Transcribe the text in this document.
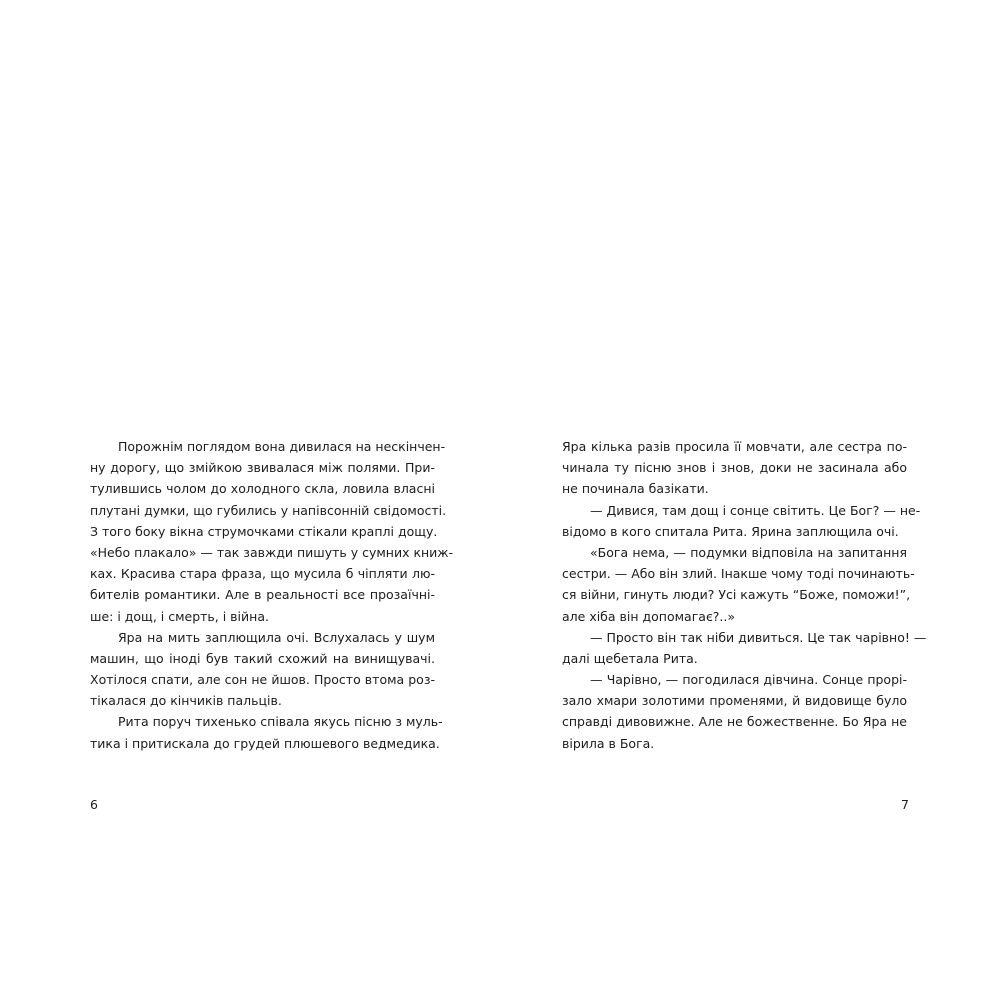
Порожнім поглядом вона дивилася на нескінчен-
ну дорогу, що змійкою звивалася між полями. При-
тулившись чолом до холодного скла, ловила власні
плутані думки, що губились у напівсонній свідомості.
З того боку вікна струмочками стікали краплі дощу.
«Небо плакало» — так завжди пишуть у сумних книж-
ках. Красива стара фраза, що мусила б чіпляти лю-
бителів романтики. Але в реальності все прозаїчні-
ше: і дощ, і смерть, і війна.
Яра на мить заплющила очі. Вслухалась у шум
машин, що іноді був такий схожий на винищувачі.
Хотілося спати, але сон не йшов. Просто втома роз-
тікалася до кінчиків пальців.
Рита поруч тихенько співала якусь пісню з муль-
тика і притискала до грудей плюшевого ведмедика.
Яра кілька разів просила її мовчати, але сестра по-
чинала ту пісню знов і знов, доки не засинала або
не починала базікати.
— Дивися, там дощ і сонце світить. Це Бог? — не-
відомо в кого спитала Рита. Ярина заплющила очі.
«Бога нема, — подумки відповіла на запитання
сестри. — Або він злий. Інакше чому тоді починають-
ся війни, гинуть люди? Усі кажуть “Боже, поможи!”,
але хіба він допомагає?..»
— Просто він так ніби дивиться. Це так чарівно! —
далі щебетала Рита.
— Чарівно, — погодилася дівчина. Сонце прорі-
зало хмари золотими променями, й видовище було
справді дивовижне. Але не божественне. Бо Яра не
вірила в Бога.
6	7
